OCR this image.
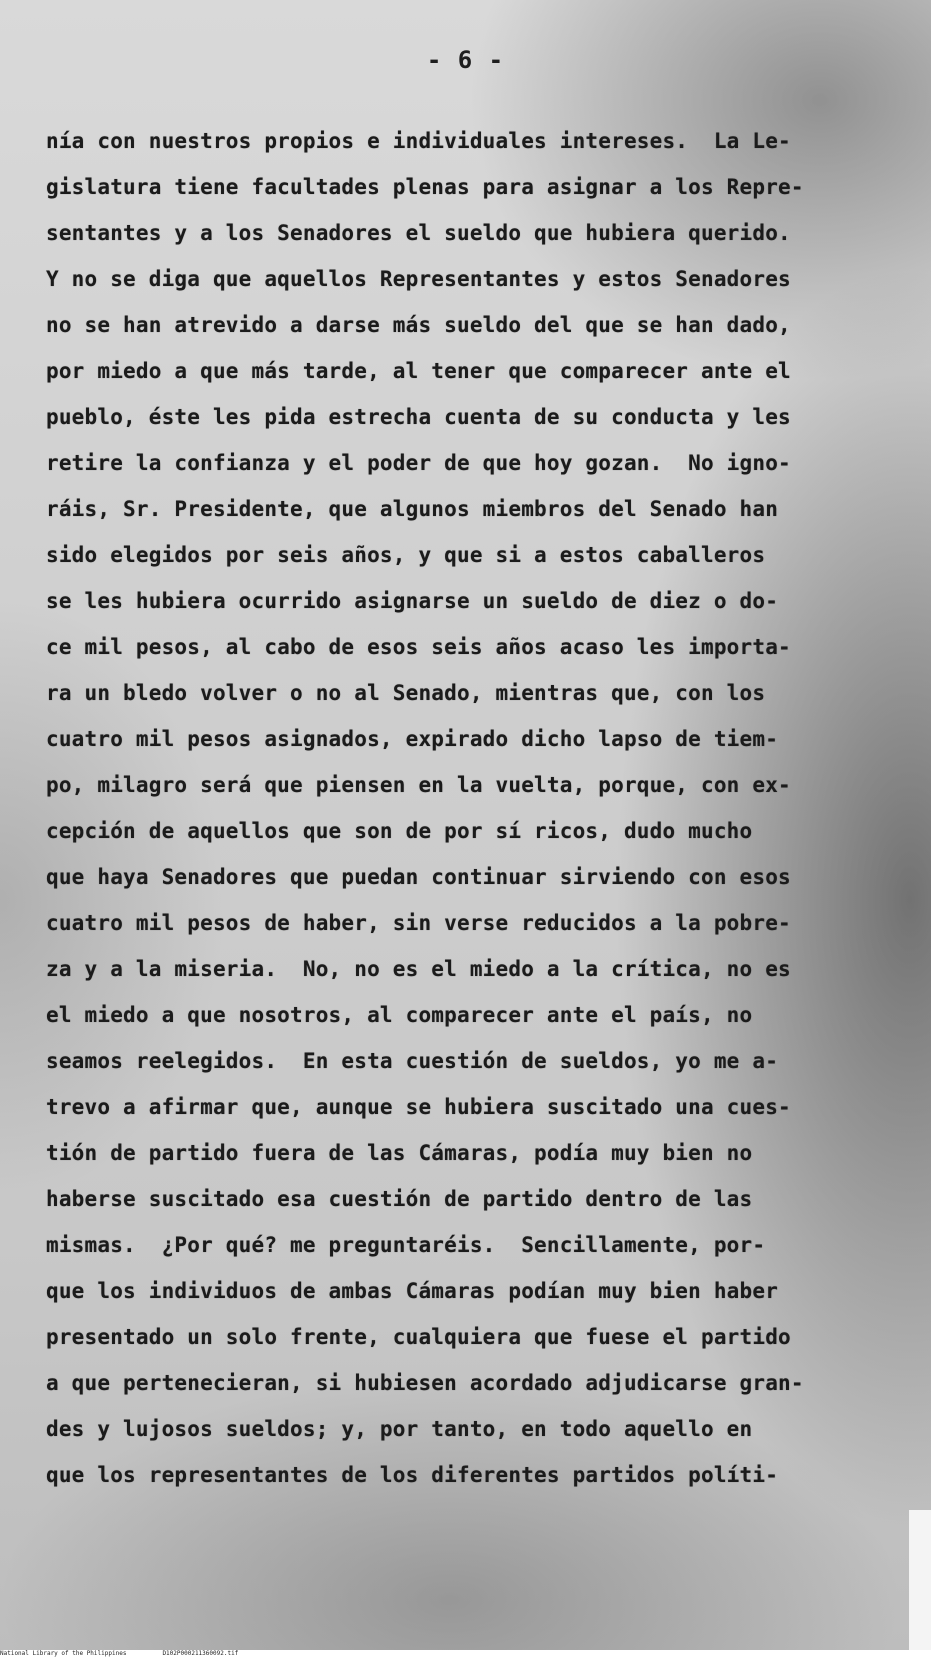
- 6 -
nía con nuestros propios e individuales intereses.  La Le-
gislatura tiene facultades plenas para asignar a los Repre-
sentantes y a los Senadores el sueldo que hubiera querido.
Y no se diga que aquellos Representantes y estos Senadores
no se han atrevido a darse más sueldo del que se han dado,
por miedo a que más tarde, al tener que comparecer ante el
pueblo, éste les pida estrecha cuenta de su conducta y les
retire la confianza y el poder de que hoy gozan.  No igno-
ráis, Sr. Presidente, que algunos miembros del Senado han
sido elegidos por seis años, y que si a estos caballeros
se les hubiera ocurrido asignarse un sueldo de diez o do-
ce mil pesos, al cabo de esos seis años acaso les importa-
ra un bledo volver o no al Senado, mientras que, con los
cuatro mil pesos asignados, expirado dicho lapso de tiem-
po, milagro será que piensen en la vuelta, porque, con ex-
cepción de aquellos que son de por sí ricos, dudo mucho
que haya Senadores que puedan continuar sirviendo con esos
cuatro mil pesos de haber, sin verse reducidos a la pobre-
za y a la miseria.  No, no es el miedo a la crítica, no es
el miedo a que nosotros, al comparecer ante el país, no
seamos reelegidos.  En esta cuestión de sueldos, yo me a-
trevo a afirmar que, aunque se hubiera suscitado una cues-
tión de partido fuera de las Cámaras, podía muy bien no
haberse suscitado esa cuestión de partido dentro de las
mismas.  ¿Por qué? me preguntaréis.  Sencillamente, por-
que los individuos de ambas Cámaras podían muy bien haber
presentado un solo frente, cualquiera que fuese el partido
a que pertenecieran, si hubiesen acordado adjudicarse gran-
des y lujosos sueldos; y, por tanto, en todo aquello en
que los representantes de los diferentes partidos políti-
National Library of the Philippines	D102P000211360092.tif
